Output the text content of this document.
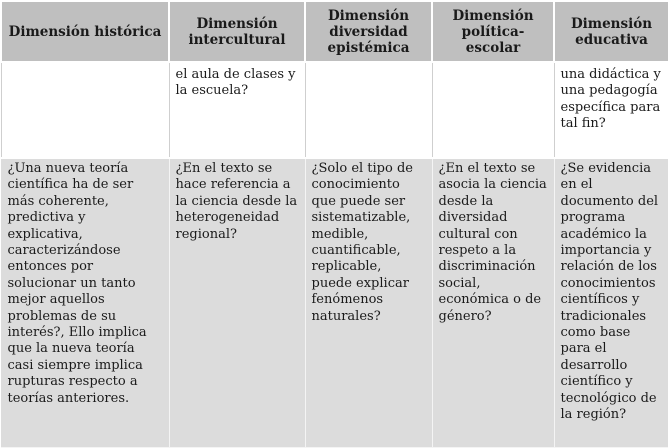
Dimensión histórica	Dimensión intercultural	Dimensión diversidad epistémica	Dimensión política-escolar	Dimensión educativa

	el aula de clases y la escuela?			una didáctica y una pedagogía específica para tal fin?

¿Una nueva teoría científica ha de ser más coherente, predictiva y explicativa, caracterizándose entonces por solucionar un tanto mejor aquellos problemas de su interés?, Ello implica que la nueva teoría casi siempre implica rupturas respecto a teorías anteriores.	¿En el texto se hace referencia a la ciencia desde la heterogeneidad regional?	¿Solo el tipo de conocimiento que puede ser sistematizable, medible, cuantificable, replicable, puede explicar fenómenos naturales?	¿En el texto se asocia la ciencia desde la diversidad cultural con respeto a la discriminación social, económica o de género?	¿Se evidencia en el documento del programa académico la importancia y relación de los conocimientos científicos y tradicionales como base para el desarrollo científico y tecnológico de la región?
